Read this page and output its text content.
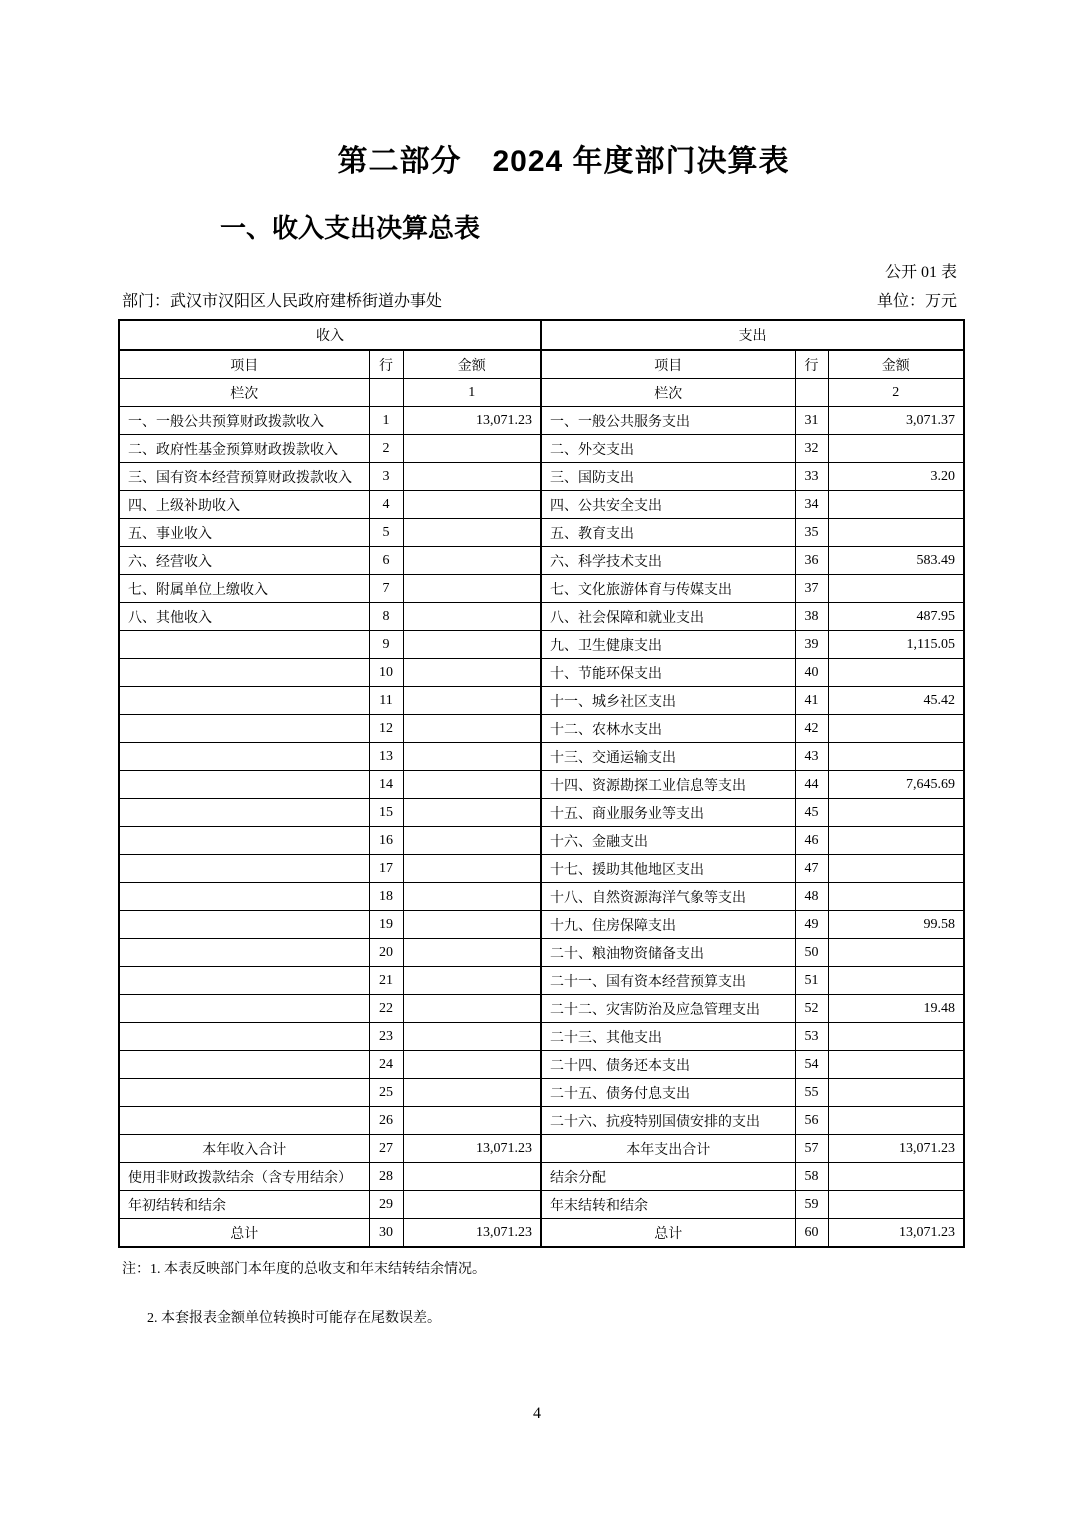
第二部分　2024 年度部门决算表
一、收入支出决算总表
公开 01 表
部门：武汉市汉阳区人民政府建桥街道办事处	单位：万元
收入			支出		
项目	行	金额	项目	行	金额
栏次		1	栏次		2
一、一般公共预算财政拨款收入	1	13,071.23	一、一般公共服务支出	31	3,071.37
二、政府性基金预算财政拨款收入	2		二、外交支出	32	
三、国有资本经营预算财政拨款收入	3		三、国防支出	33	3.20
四、上级补助收入	4		四、公共安全支出	34	
五、事业收入	5		五、教育支出	35	
六、经营收入	6		六、科学技术支出	36	583.49
七、附属单位上缴收入	7		七、文化旅游体育与传媒支出	37	
八、其他收入	8		八、社会保障和就业支出	38	487.95
	9		九、卫生健康支出	39	1,115.05
	10		十、节能环保支出	40	
	11		十一、城乡社区支出	41	45.42
	12		十二、农林水支出	42	
	13		十三、交通运输支出	43	
	14		十四、资源勘探工业信息等支出	44	7,645.69
	15		十五、商业服务业等支出	45	
	16		十六、金融支出	46	
	17		十七、援助其他地区支出	47	
	18		十八、自然资源海洋气象等支出	48	
	19		十九、住房保障支出	49	99.58
	20		二十、粮油物资储备支出	50	
	21		二十一、国有资本经营预算支出	51	
	22		二十二、灾害防治及应急管理支出	52	19.48
	23		二十三、其他支出	53	
	24		二十四、债务还本支出	54	
	25		二十五、债务付息支出	55	
	26		二十六、抗疫特别国债安排的支出	56	
本年收入合计	27	13,071.23	本年支出合计	57	13,071.23
使用非财政拨款结余（含专用结余）	28		结余分配	58	
年初结转和结余	29		年末结转和结余	59	
总计	30	13,071.23	总计	60	13,071.23

注：1. 本表反映部门本年度的总收支和年末结转结余情况。

2. 本套报表金额单位转换时可能存在尾数误差。

4
